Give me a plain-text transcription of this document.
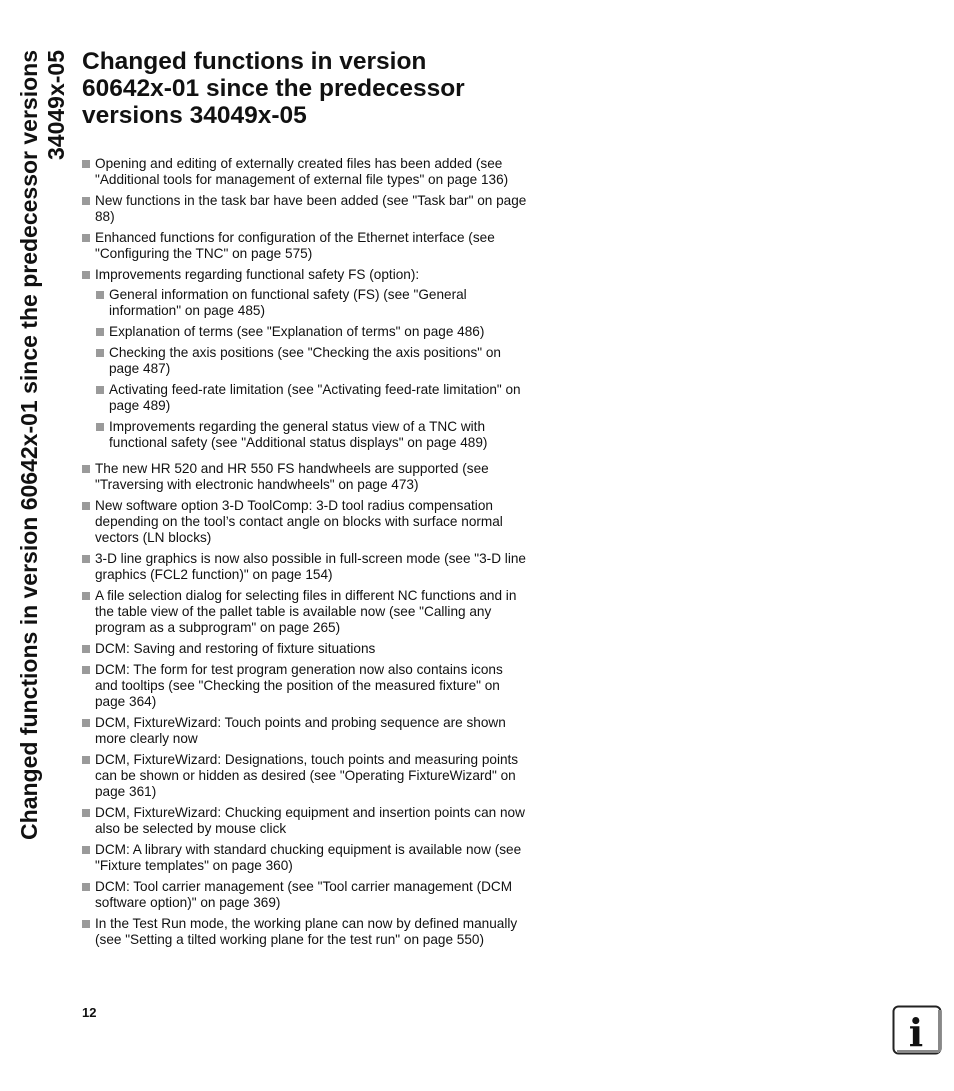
Changed functions in version 60642x-01 since the predecessor versions 34049x-05 Changed functions in version
60642x-01 since the predecessor
versions 34049x-05
Opening and editing of externally created files has been added (see "Additional tools for management of external file types" on page 136)
New functions in the task bar have been added (see "Task bar" on page 88)
Enhanced functions for configuration of the Ethernet interface (see "Configuring the TNC" on page 575)
Improvements regarding functional safety FS (option):
General information on functional safety (FS) (see "General information" on page 485)
Explanation of terms (see "Explanation of terms" on page 486)
Checking the axis positions (see "Checking the axis positions" on page 487)
Activating feed-rate limitation (see "Activating feed-rate limitation" on page 489)
Improvements regarding the general status view of a TNC with functional safety (see "Additional status displays" on page 489)
The new HR 520 and HR 550 FS handwheels are supported (see "Traversing with electronic handwheels" on page 473)
New software option 3-D ToolComp: 3-D tool radius compensation depending on the tool’s contact angle on blocks with surface normal vectors (LN blocks)
3-D line graphics is now also possible in full-screen mode (see "3-D line graphics (FCL2 function)" on page 154)
A file selection dialog for selecting files in different NC functions and in the table view of the pallet table is available now (see "Calling any program as a subprogram" on page 265)
DCM: Saving and restoring of fixture situations
DCM: The form for test program generation now also contains icons and tooltips (see "Checking the position of the measured fixture" on page 364)
DCM, FixtureWizard: Touch points and probing sequence are shown more clearly now
DCM, FixtureWizard: Designations, touch points and measuring points can be shown or hidden as desired (see "Operating FixtureWizard" on page 361)
DCM, FixtureWizard: Chucking equipment and insertion points can now also be selected by mouse click
DCM: A library with standard chucking equipment is available now (see "Fixture templates" on page 360)
DCM: Tool carrier management (see "Tool carrier management (DCM software option)" on page 369)
In the Test Run mode, the working plane can now by defined manually (see "Setting a tilted working plane for the test run" on page 550)
12	i
